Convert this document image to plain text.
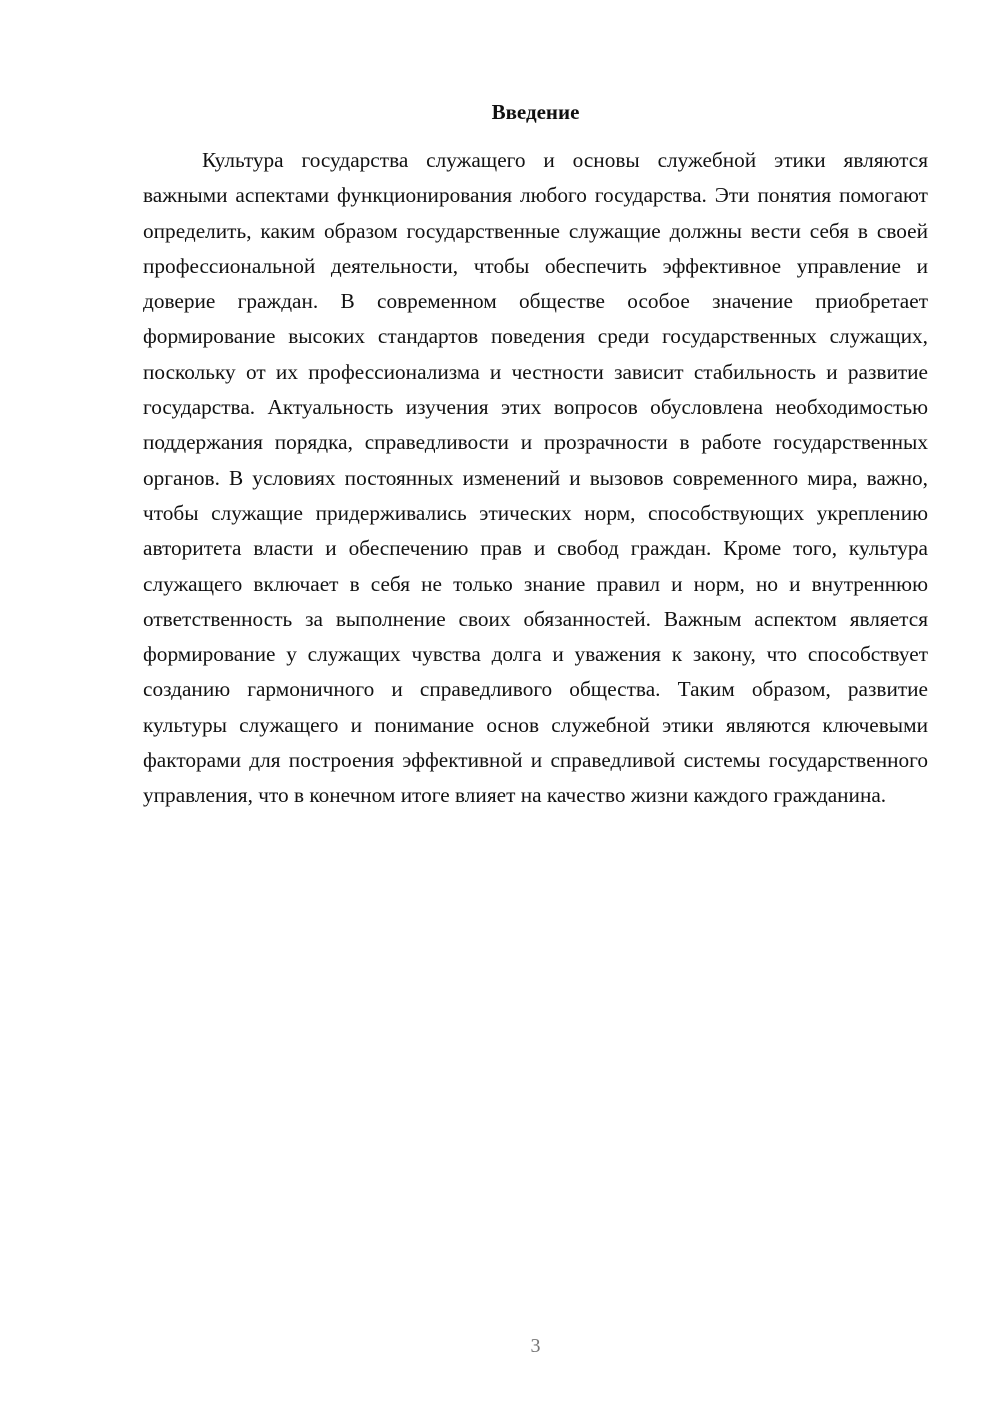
Введение

Культура государства служащего и основы служебной этики являются важными аспектами функционирования любого государства. Эти понятия помогают определить, каким образом государственные служащие должны вести себя в своей профессиональной деятельности, чтобы обеспечить эффективное управление и доверие граждан. В современном обществе особое значение приобретает формирование высоких стандартов поведения среди государственных служащих, поскольку от их профессионализма и честности зависит стабильность и развитие государства. Актуальность изучения этих вопросов обусловлена необходимостью поддержания порядка, справедливости и прозрачности в работе государственных органов. В условиях постоянных изменений и вызовов современного мира, важно, чтобы служащие придерживались этических норм, способствующих укреплению авторитета власти и обеспечению прав и свобод граждан. Кроме того, культура служащего включает в себя не только знание правил и норм, но и внутреннюю ответственность за выполнение своих обязанностей. Важным аспектом является формирование у служащих чувства долга и уважения к закону, что способствует созданию гармоничного и справедливого общества. Таким образом, развитие культуры служащего и понимание основ служебной этики являются ключевыми факторами для построения эффективной и справедливой системы государственного управления, что в конечном итоге влияет на качество жизни каждого гражданина.

3
